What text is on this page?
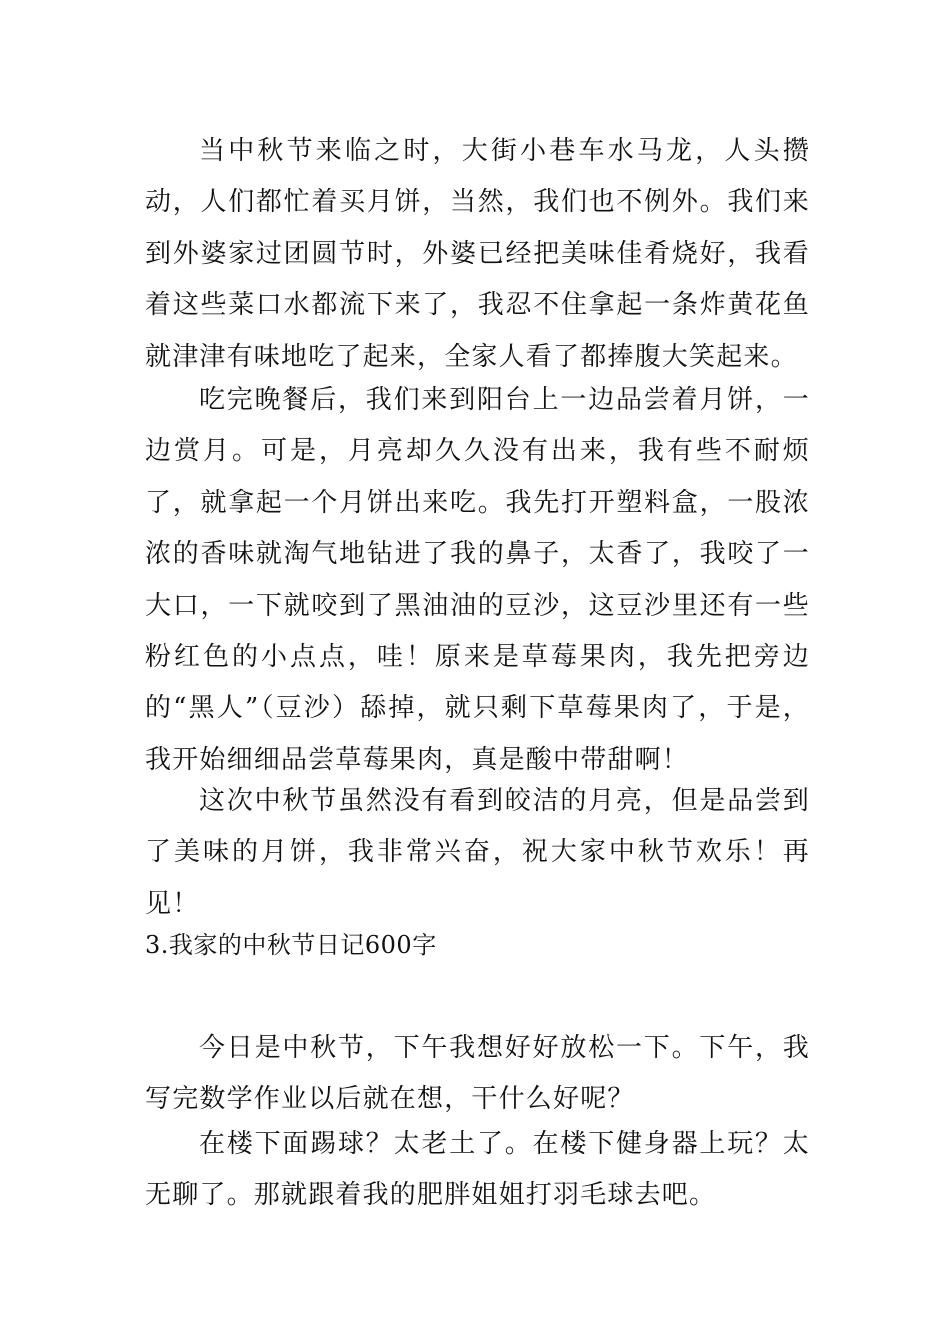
当中秋节来临之时，大街小巷车水马龙，人头攒动，人们都忙着买月饼，当然，我们也不例外。我们来到外婆家过团圆节时，外婆已经把美味佳肴烧好，我看着这些菜口水都流下来了，我忍不住拿起一条炸黄花鱼就津津有味地吃了起来，全家人看了都捧腹大笑起来。

吃完晚餐后，我们来到阳台上一边品尝着月饼，一边赏月。可是，月亮却久久没有出来，我有些不耐烦了，就拿起一个月饼出来吃。我先打开塑料盒，一股浓浓的香味就淘气地钻进了我的鼻子，太香了，我咬了一大口，一下就咬到了黑油油的豆沙，这豆沙里还有一些粉红色的小点点，哇！原来是草莓果肉，我先把旁边的“黑人”（豆沙）舔掉，就只剩下草莓果肉了，于是，我开始细细品尝草莓果肉，真是酸中带甜啊！

这次中秋节虽然没有看到皎洁的月亮，但是品尝到了美味的月饼，我非常兴奋，祝大家中秋节欢乐！再见！

3.我家的中秋节日记600字

今日是中秋节，下午我想好好放松一下。下午，我写完数学作业以后就在想，干什么好呢？

在楼下面踢球？太老土了。在楼下健身器上玩？太无聊了。那就跟着我的肥胖姐姐打羽毛球去吧。
